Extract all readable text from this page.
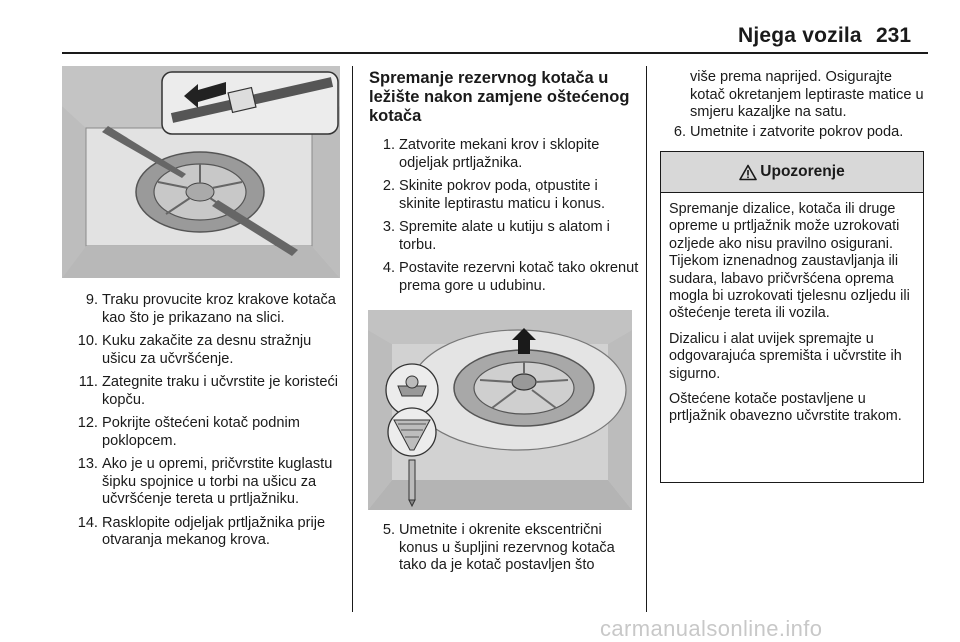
Njega vozila 231
9. Traku provucite kroz krakove kotača kao što je prikazano na slici.
10. Kuku zakačite za desnu stražnju ušicu za učvršćenje.
11. Zategnite traku i učvrstite je koristeći kopču.
12. Pokrijte oštećeni kotač podnim poklopcem.
13. Ako je u opremi, pričvrstite kuglastu šipku spojnice u torbi na ušicu za učvršćenje tereta u prtljažniku.
14. Rasklopite odjeljak prtljažnika prije otvaranja mekanog krova.
Spremanje rezervnog kotača u ležište nakon zamjene oštećenog kotača
1. Zatvorite mekani krov i sklopite odjeljak prtljažnika.
2. Skinite pokrov poda, otpustite i skinite leptirastu maticu i konus.
3. Spremite alate u kutiju s alatom i torbu.
4. Postavite rezervni kotač tako okrenut prema gore u udubinu.
5. Umetnite i okrenite ekscentrični konus u šupljini rezervnog kotača tako da je kotač postavljen što
više prema naprijed. Osigurajte kotač okretanjem leptiraste matice u smjeru kazaljke na satu.
6. Umetnite i zatvorite pokrov poda.
Upozorenje

Spremanje dizalice, kotača ili druge opreme u prtljažnik može uzrokovati ozljede ako nisu pravilno osigurani. Tijekom iznenadnog zaustavljanja ili sudara, labavo pričvršćena oprema mogla bi uzrokovati tjelesnu ozljedu ili oštećenje tereta ili vozila.

Dizalicu i alat uvijek spremajte u odgovarajuća spremišta i učvrstite ih sigurno.

Oštećene kotače postavljene u prtljažnik obavezno učvrstite trakom.

carmanualsonline.info
